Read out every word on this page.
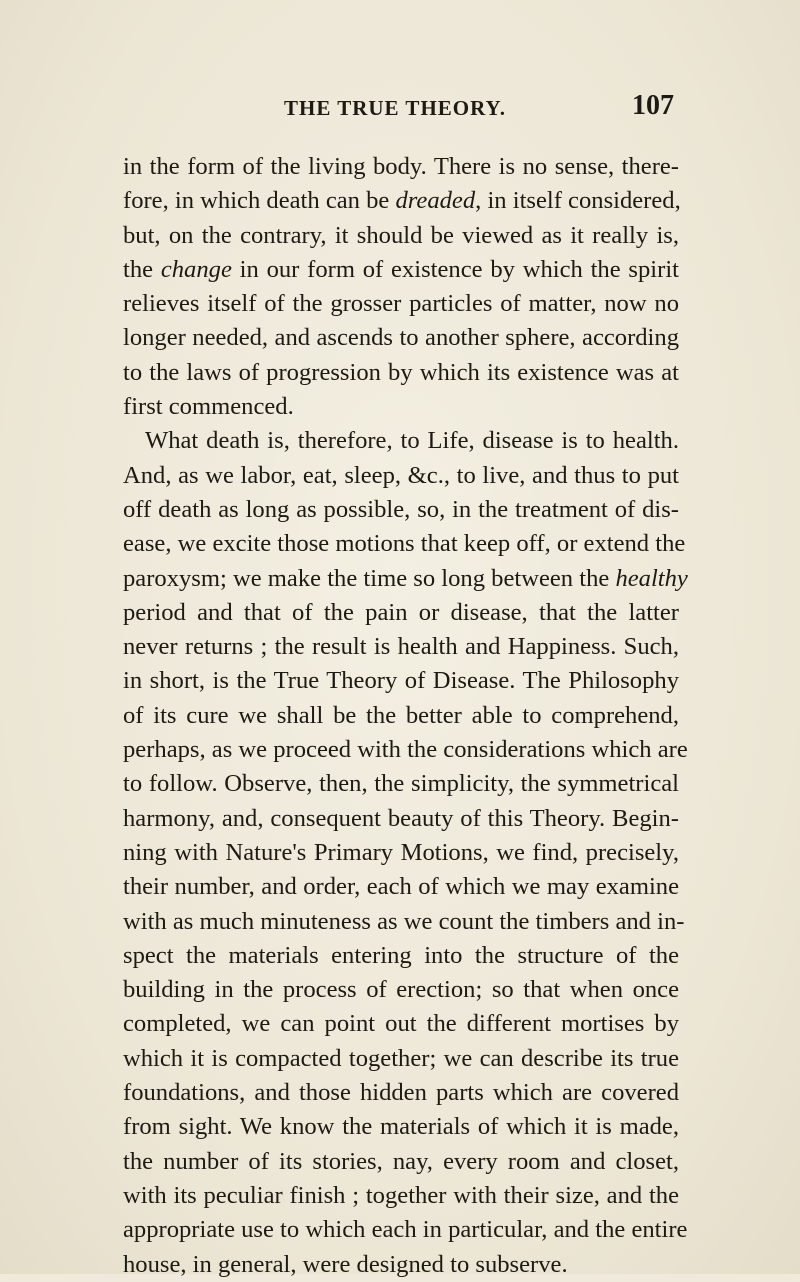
THE TRUE THEORY.	107
in the form of the living body. There is no sense, there-
fore, in which death can be dreaded, in itself considered,
but, on the contrary, it should be viewed as it really is,
the change in our form of existence by which the spirit
relieves itself of the grosser particles of matter, now no
longer needed, and ascends to another sphere, according
to the laws of progression by which its existence was at
first commenced.
What death is, therefore, to Life, disease is to health.
And, as we labor, eat, sleep, &c., to live, and thus to put
off death as long as possible, so, in the treatment of dis-
ease, we excite those motions that keep off, or extend the
paroxysm; we make the time so long between the healthy
period and that of the pain or disease, that the latter
never returns ; the result is health and Happiness. Such,
in short, is the True Theory of Disease. The Philosophy
of its cure we shall be the better able to comprehend,
perhaps, as we proceed with the considerations which are
to follow. Observe, then, the simplicity, the symmetrical
harmony, and, consequent beauty of this Theory. Begin-
ning with Nature's Primary Motions, we find, precisely,
their number, and order, each of which we may examine
with as much minuteness as we count the timbers and in-
spect the materials entering into the structure of the
building in the process of erection; so that when once
completed, we can point out the different mortises by
which it is compacted together; we can describe its true
foundations, and those hidden parts which are covered
from sight. We know the materials of which it is made,
the number of its stories, nay, every room and closet,
with its peculiar finish ; together with their size, and the
appropriate use to which each in particular, and the entire
house, in general, were designed to subserve.
